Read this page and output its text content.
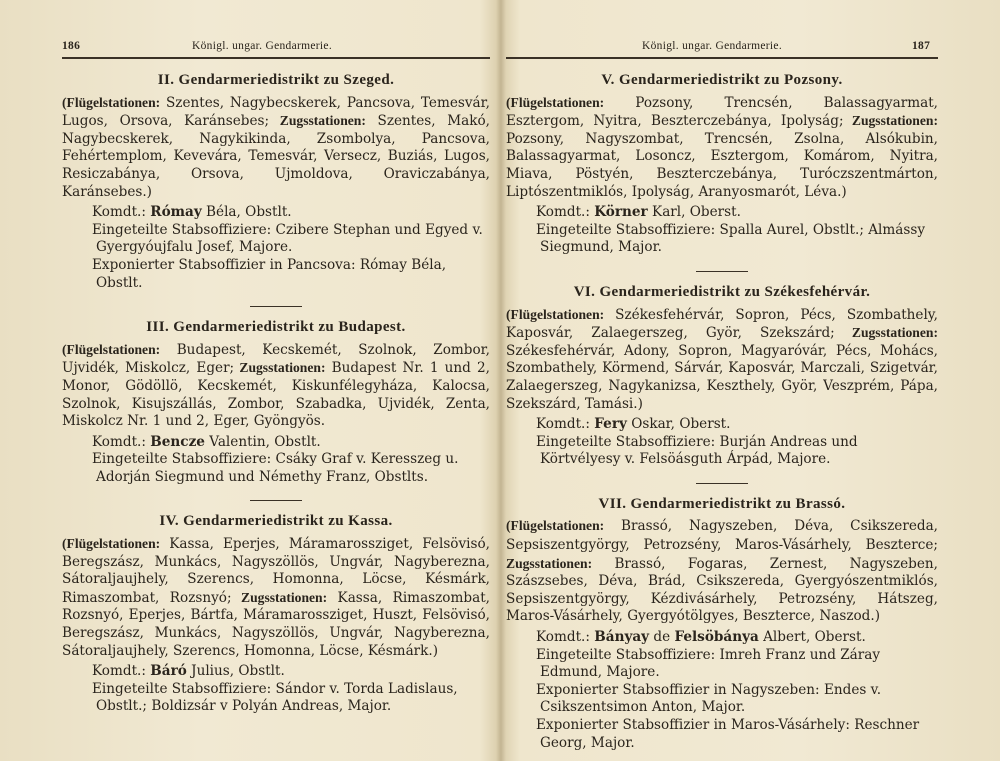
186	Königl. ungar. Gendarmerie.
II. Gendarmeriedistrikt zu Szeged.

(Flügelstationen: Szentes, Nagybecskerek, Pancsova, Temesvár, Lugos, Orsova, Karánsebes; Zugsstationen: Szentes, Makó, Nagybecskerek, Nagykikinda, Zsombolya, Pancsova, Fehértemplom, Kevevára, Temesvár, Versecz, Buziás, Lugos, Resiczabánya, Orsova, Ujmoldova, Oraviczabánya, Karánsebes.)

Komdt.: Rómay Béla, Obstlt.

Eingeteilte Stabsoffiziere: Czibere Stephan und Egyed v. Gyergyóujfalu Josef, Majore.

Exponierter Stabsoffizier in Pancsova: Rómay Béla, Obstlt.

III. Gendarmeriedistrikt zu Budapest.

(Flügelstationen: Budapest, Kecskemét, Szolnok, Zombor, Ujvidék, Miskolcz, Eger; Zugsstationen: Budapest Nr. 1 und 2, Monor, Gödöllö, Kecskemét, Kiskunfélegyháza, Kalocsa, Szolnok, Kisujszállás, Zombor, Szabadka, Ujvidék, Zenta, Miskolcz Nr. 1 und 2, Eger, Gyöngyös.

Komdt.: Bencze Valentin, Obstlt.

Eingeteilte Stabsoffiziere: Csáky Graf v. Keresszeg u. Adorján Siegmund und Némethy Franz, Obstlts.

IV. Gendarmeriedistrikt zu Kassa.

(Flügelstationen: Kassa, Eperjes, Máramarossziget, Felsövisó, Beregszász, Munkács, Nagyszöllös, Ungvár, Nagyberezna, Sátoraljaujhely, Szerencs, Homonna, Löcse, Késmárk, Rimaszombat, Rozsnyó; Zugsstationen: Kassa, Rimaszombat, Rozsnyó, Eperjes, Bártfa, Máramarossziget, Huszt, Felsövisó, Beregszász, Munkács, Nagyszöllös, Ungvár, Nagyberezna, Sátoraljaujhely, Szerencs, Homonna, Löcse, Késmárk.)

Komdt.: Báró Julius, Obstlt.

Eingeteilte Stabsoffiziere: Sándor v. Torda Ladislaus, Obstlt.; Boldizsár v Polyán Andreas, Major.

Königl. ungar. Gendarmerie.	187
V. Gendarmeriedistrikt zu Pozsony.

(Flügelstationen: Pozsony, Trencsén, Balassagyarmat, Esztergom, Nyitra, Beszterczebánya, Ipolyság; Zugsstationen: Pozsony, Nagyszombat, Trencsén, Zsolna, Alsókubin, Balassagyarmat, Losoncz, Esztergom, Komárom, Nyitra, Miava, Pöstyén, Beszterczebánya, Turóczszentmárton, Liptószentmiklós, Ipolyság, Aranyosmarót, Léva.)

Komdt.: Körner Karl, Oberst.

Eingeteilte Stabsoffiziere: Spalla Aurel, Obstlt.; Almássy Siegmund, Major.

VI. Gendarmeriedistrikt zu Székesfehérvár.

(Flügelstationen: Székesfehérvár, Sopron, Pécs, Szombathely, Kaposvár, Zalaegerszeg, Györ, Szekszárd; Zugsstationen: Székesfehérvár, Adony, Sopron, Magyaróvár, Pécs, Mohács, Szombathely, Körmend, Sárvár, Kaposvár, Marczali, Szigetvár, Zalaegerszeg, Nagykanizsa, Keszthely, Györ, Veszprém, Pápa, Szekszárd, Tamási.)

Komdt.: Fery Oskar, Oberst.

Eingeteilte Stabsoffiziere: Burján Andreas und Körtvélyesy v. Felsöásguth Árpád, Majore.

VII. Gendarmeriedistrikt zu Brassó.

(Flügelstationen: Brassó, Nagyszeben, Déva, Csikszereda, Sepsiszentgyörgy, Petrozsény, Maros-Vásárhely, Beszterce; Zugsstationen: Brassó, Fogaras, Zernest, Nagyszeben, Szászsebes, Déva, Brád, Csikszereda, Gyergyószentmiklós, Sepsiszentgyörgy, Kézdivásárhely, Petrozsény, Hátszeg, Maros-Vásárhely, Gyergyótölgyes, Beszterce, Naszod.)

Komdt.: Bányay de Felsöbánya Albert, Oberst.

Eingeteilte Stabsoffiziere: Imreh Franz und Záray Edmund, Majore.

Exponierter Stabsoffizier in Nagyszeben: Endes v. Csikszentsimon Anton, Major.

Exponierter Stabsoffizier in Maros-Vásárhely: Reschner Georg, Major.
